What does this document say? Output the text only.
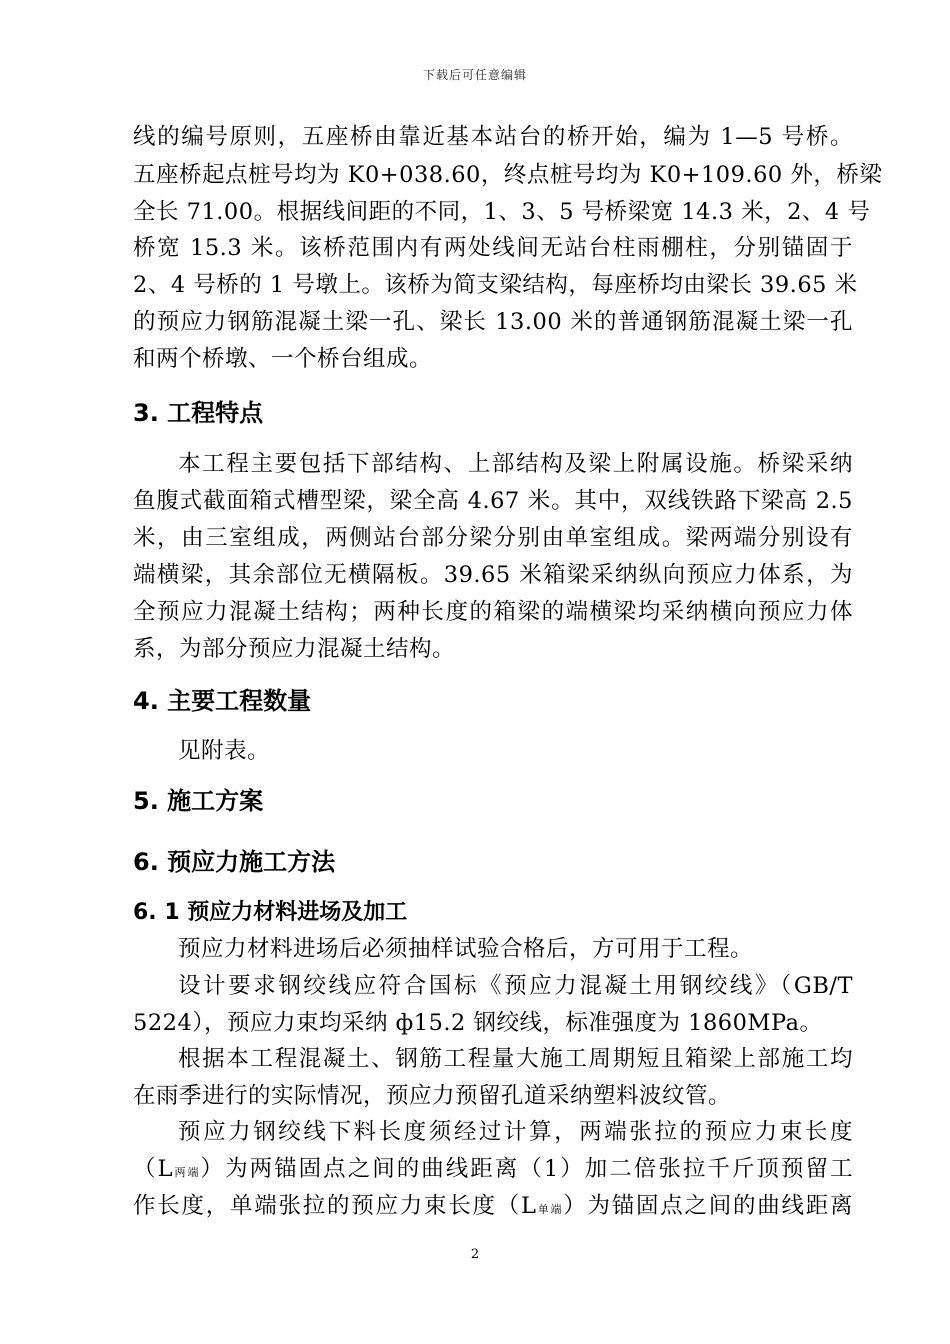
下载后可任意编辑
线的编号原则，五座桥由靠近基本站台的桥开始，编为 1—5 号桥。
五座桥起点桩号均为 K0+038.60，终点桩号均为 K0+109.60 外，桥梁
全长 71.00。根据线间距的不同，1、3、5 号桥梁宽 14.3 米，2、4 号
桥宽 15.3 米。该桥范围内有两处线间无站台柱雨棚柱，分别锚固于
2、4 号桥的 1 号墩上。该桥为简支梁结构，每座桥均由梁长 39.65 米
的预应力钢筋混凝土梁一孔、梁长 13.00 米的普通钢筋混凝土梁一孔
和两个桥墩、一个桥台组成。
3. 工程特点
本工程主要包括下部结构、上部结构及梁上附属设施。桥梁采纳
鱼腹式截面箱式槽型梁，梁全高 4.67 米。其中，双线铁路下梁高 2.5
米，由三室组成，两侧站台部分梁分别由单室组成。梁两端分别设有
端横梁，其余部位无横隔板。39.65 米箱梁采纳纵向预应力体系，为
全预应力混凝土结构；两种长度的箱梁的端横梁均采纳横向预应力体
系，为部分预应力混凝土结构。
4. 主要工程数量
见附表。
5. 施工方案
6. 预应力施工方法
6. 1 预应力材料进场及加工
预应力材料进场后必须抽样试验合格后，方可用于工程。
设计要求钢绞线应符合国标《预应力混凝土用钢绞线》（GB/T
5224），预应力束均采纳 ф15.2 钢绞线，标准强度为 1860MPa。
根据本工程混凝土、钢筋工程量大施工周期短且箱梁上部施工均
在雨季进行的实际情况，预应力预留孔道采纳塑料波纹管。
预应力钢绞线下料长度须经过计算，两端张拉的预应力束长度
（L两端）为两锚固点之间的曲线距离（1）加二倍张拉千斤顶预留工
作长度，单端张拉的预应力束长度（L单端）为锚固点之间的曲线距离
2
